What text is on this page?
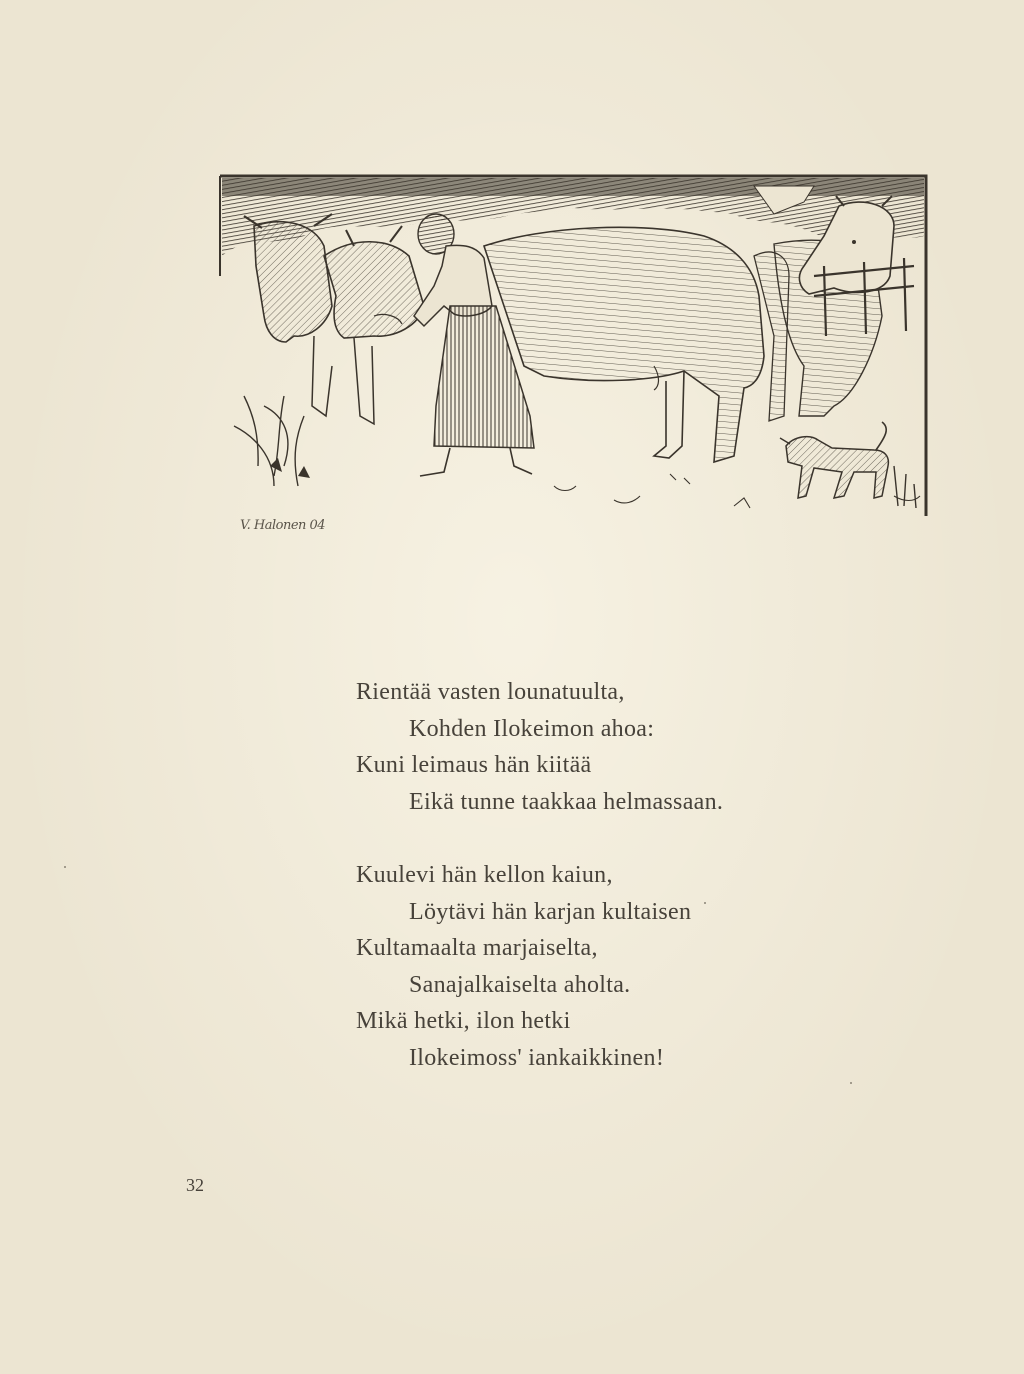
V. Halonen 04

Rientää vasten lounatuulta,
Kohden Ilokeimon ahoa:
Kuni leimaus hän kiitää
Eikä tunne taakkaa helmassaan.

Kuulevi hän kellon kaiun,
Löytävi hän karjan kultaisen
Kultamaalta marjaiselta,
Sanajalkaiselta aholta.
Mikä hetki, ilon hetki
Ilokeimoss' iankaikkinen!

32
